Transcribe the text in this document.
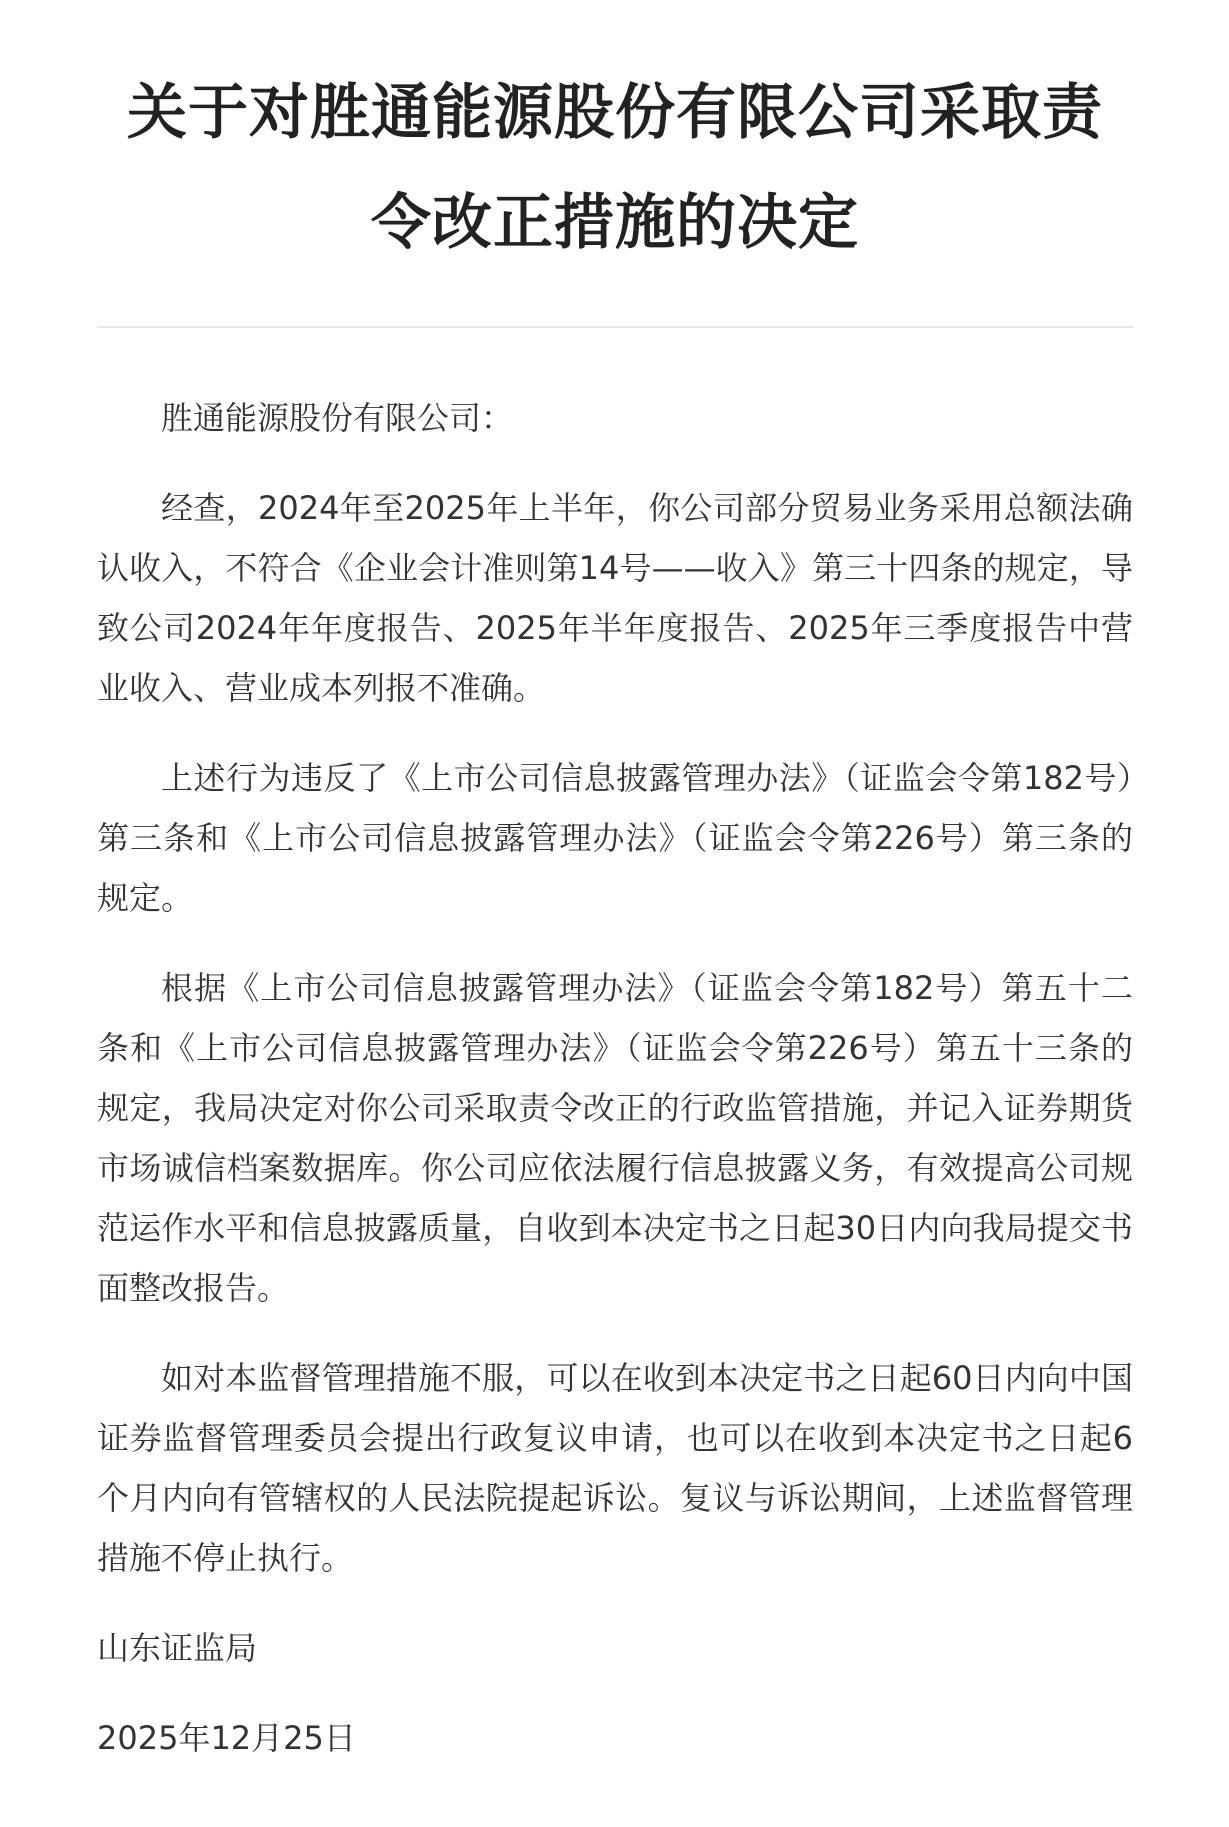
关于对胜通能源股份有限公司采取责
令改正措施的决定

胜通能源股份有限公司：

经查，2024年至2025年上半年，你公司部分贸易业务采用总额法确认收入，不符合《企业会计准则第14号——收入》第三十四条的规定，导致公司2024年年度报告、2025年半年度报告、2025年三季度报告中营业收入、营业成本列报不准确。

上述行为违反了《上市公司信息披露管理办法》（证监会令第182号）第三条和《上市公司信息披露管理办法》（证监会令第226号）第三条的规定。

根据《上市公司信息披露管理办法》（证监会令第182号）第五十二条和《上市公司信息披露管理办法》（证监会令第226号）第五十三条的规定，我局决定对你公司采取责令改正的行政监管措施，并记入证券期货市场诚信档案数据库。你公司应依法履行信息披露义务，有效提高公司规范运作水平和信息披露质量，自收到本决定书之日起30日内向我局提交书面整改报告。

如对本监督管理措施不服，可以在收到本决定书之日起60日内向中国证券监督管理委员会提出行政复议申请，也可以在收到本决定书之日起6个月内向有管辖权的人民法院提起诉讼。复议与诉讼期间，上述监督管理措施不停止执行。

山东证监局

2025年12月25日
